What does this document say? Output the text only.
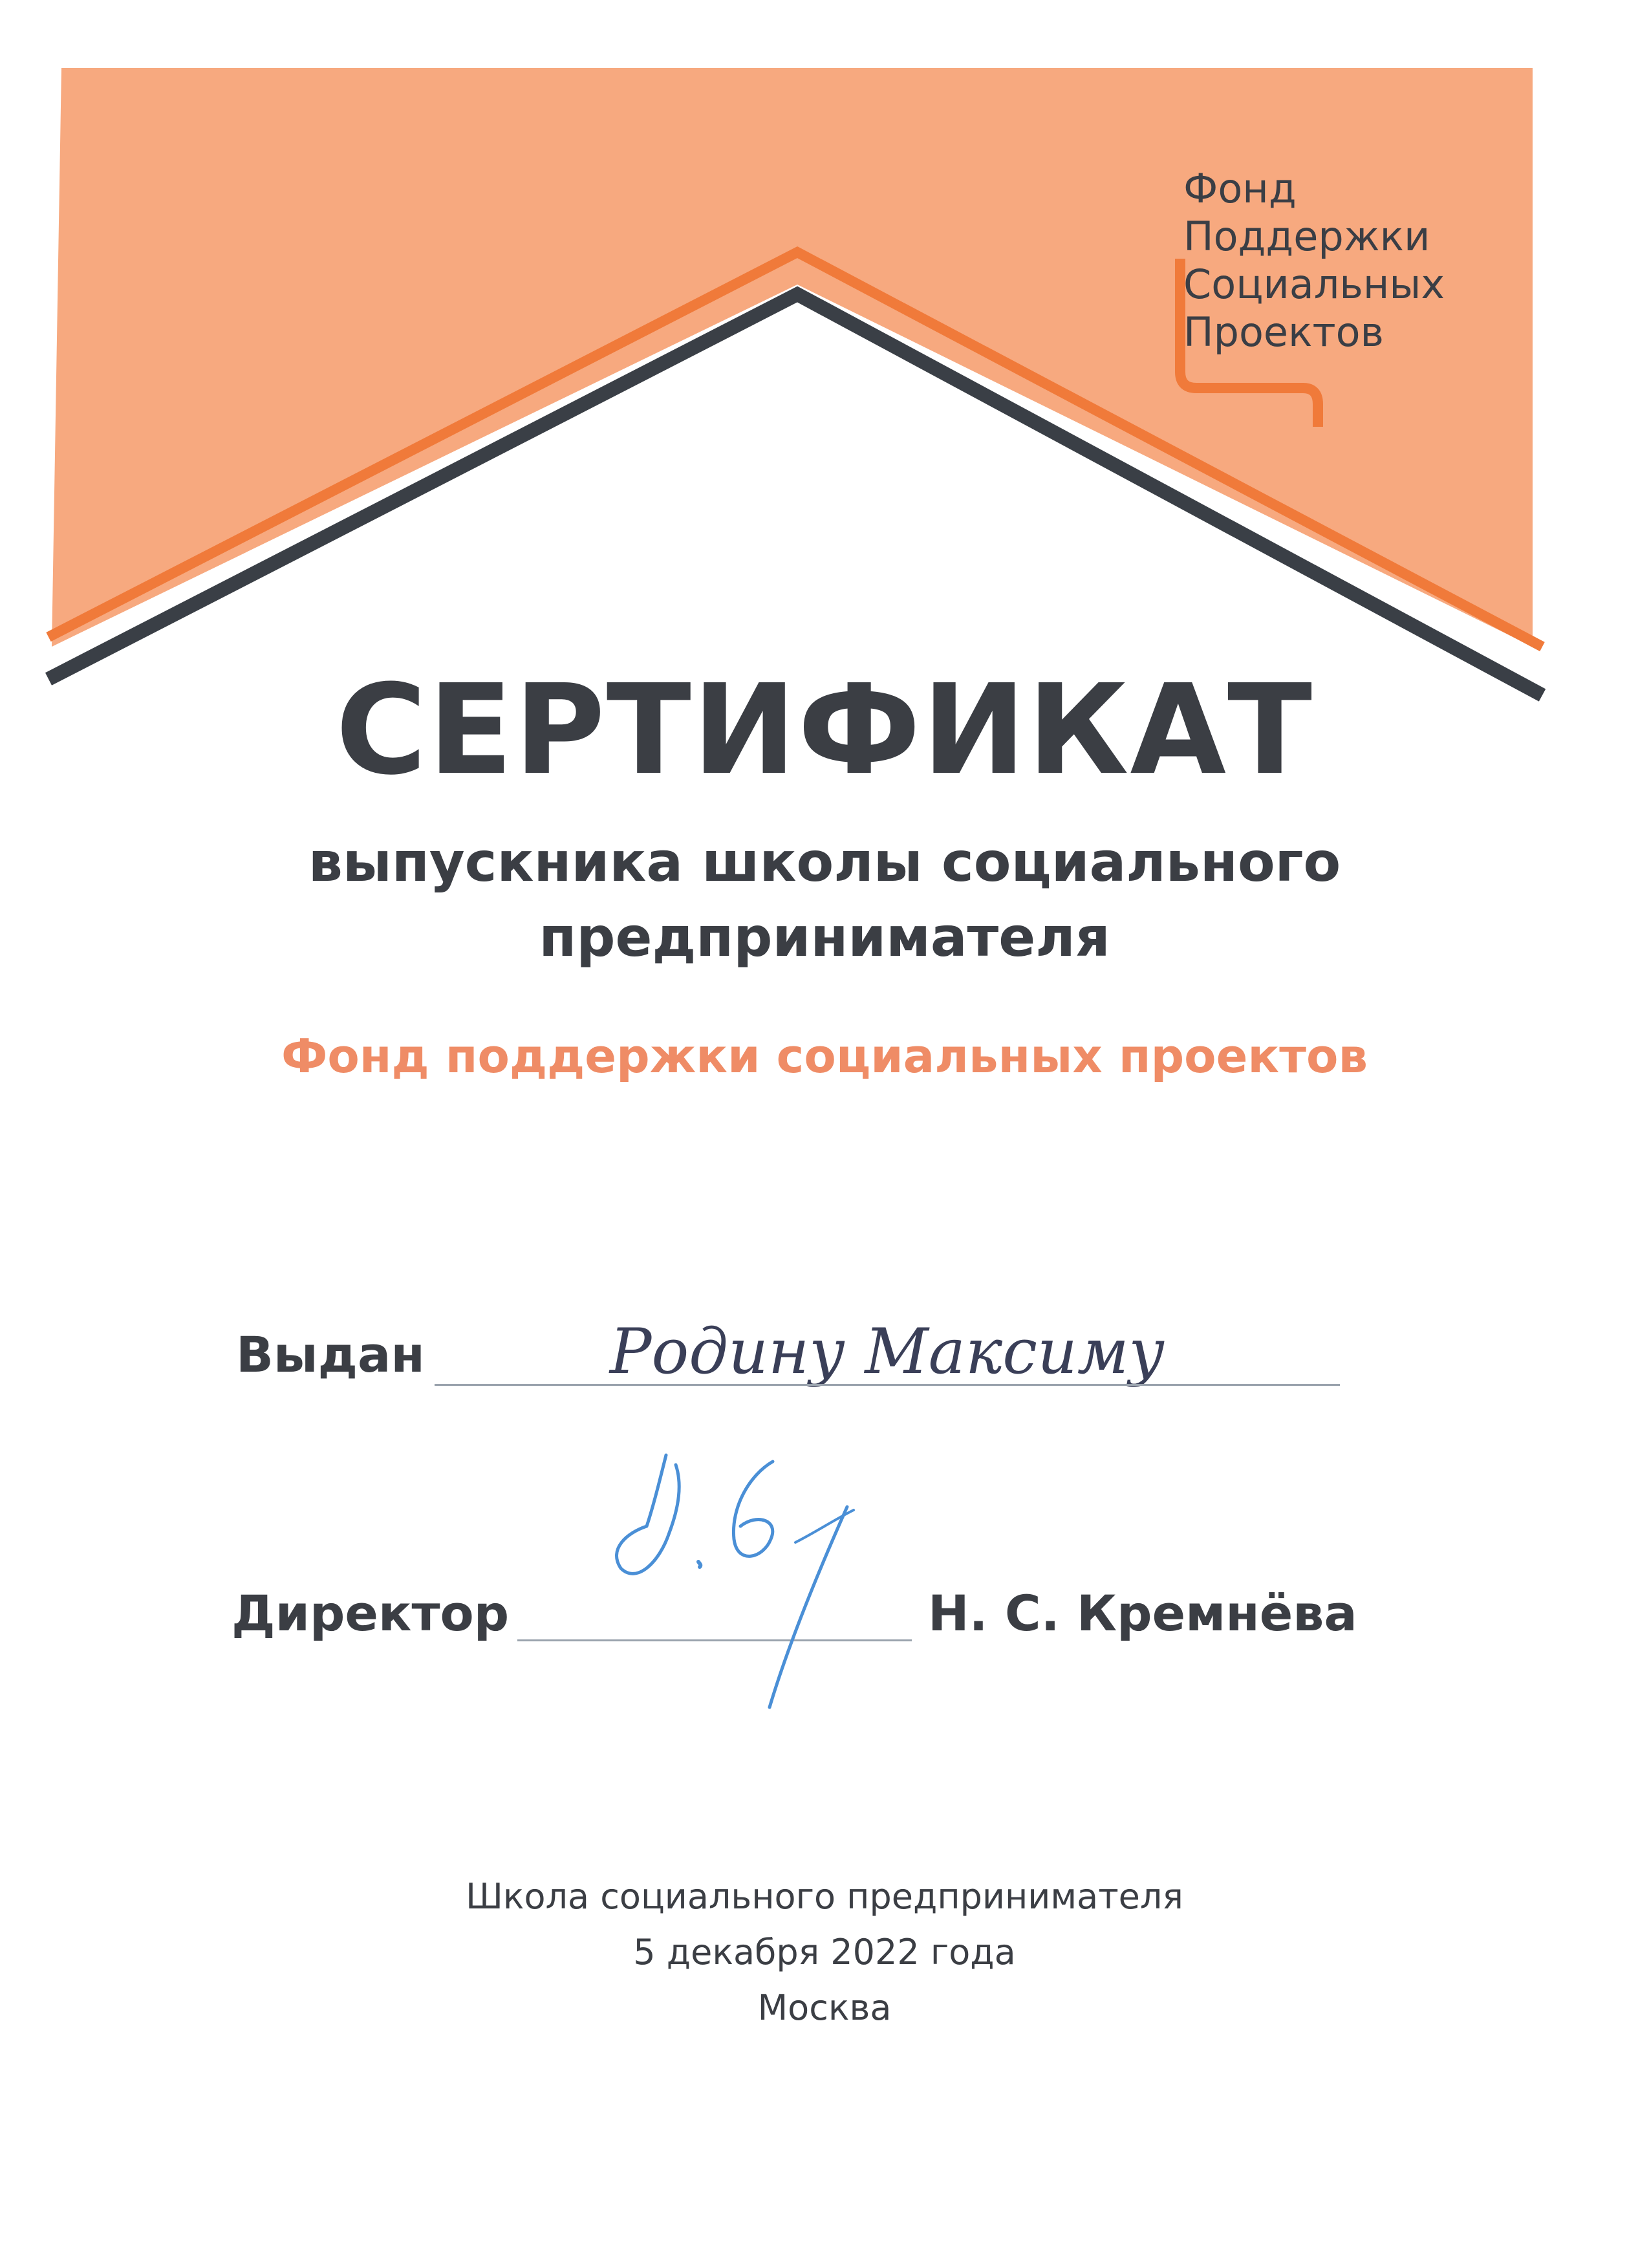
Фонд
Поддержки
Социальных
Проектов
СЕРТИФИКАТ
выпускника школы социального
предпринимателя
Фонд поддержки социальных проектов
Выдан	Родину Максиму
Директор	Н. С. Кремнёва
Школа социального предпринимателя
5 декабря 2022 года
Москва
